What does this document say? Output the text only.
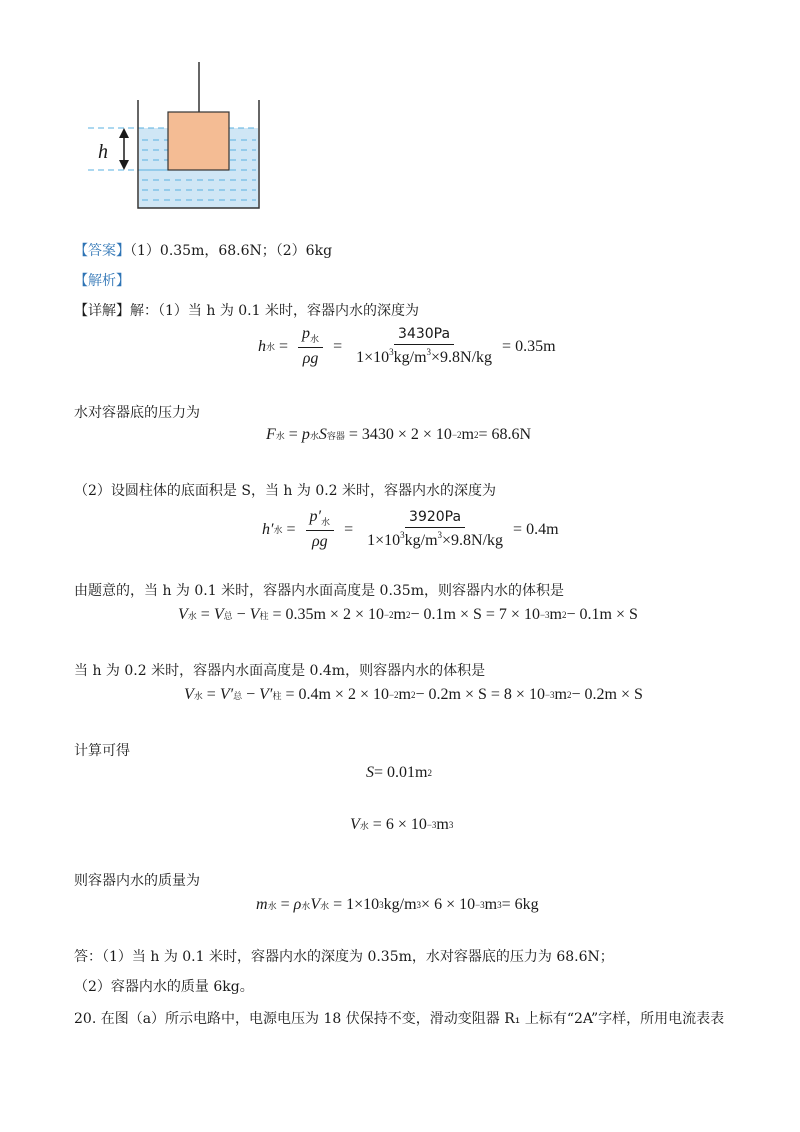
h
【答案】（1）0.35m，68.6N；（2）6kg
【解析】
【详解】解：（1）当 h 为 0.1 米时，容器内水的深度为
h 水 = $\frac{p_水}{\rho g} = \frac{3430Pa}{1\times 10^3kg/m^3\times 9.8N/kg} = 0.35m$
水对容器底的压力为
F 水 = p 水 S 容器 = 3430 × 2 × 10 −2 m 2 = 68.6N
（2）设圆柱体的底面积是 S，当 h 为 0.2 米时，容器内水的深度为
h′ 水 = $\frac{p'_水}{\rho g} = \frac{3920Pa}{1\times 10^3kg/m^3\times 9.8N/kg} = 0.4m$
由题意的，当 h 为 0.1 米时，容器内水面高度是 0.35m，则容器内水的体积是
V 水 = V 总 − V 柱 = 0.35m × 2 × 10 −2 m 2 − 0.1m × S = 7 × 10 −3 m 2 − 0.1m × S
当 h 为 0.2 米时，容器内水面高度是 0.4m，则容器内水的体积是
V 水 = V′ 总 − V′ 柱 = 0.4m × 2 × 10 −2 m 2 − 0.2m × S = 8 × 10 −3 m 2 − 0.2m × S
计算可得
S = 0.01m 2
V 水 = 6 × 10 −3 m 3
则容器内水的质量为
m 水 = ρ 水 V 水 = 1×10 3 kg/m 3 × 6 × 10 −3 m 3 = 6kg
答：（1）当 h 为 0.1 米时，容器内水的深度为 0.35m，水对容器底的压力为 68.6N；
（2）容器内水的质量 6kg。
20. 在图（a）所示电路中，电源电压为 18 伏保持不变，滑动变阻器 R₁ 上标有“2A”字样，所用电流表表
